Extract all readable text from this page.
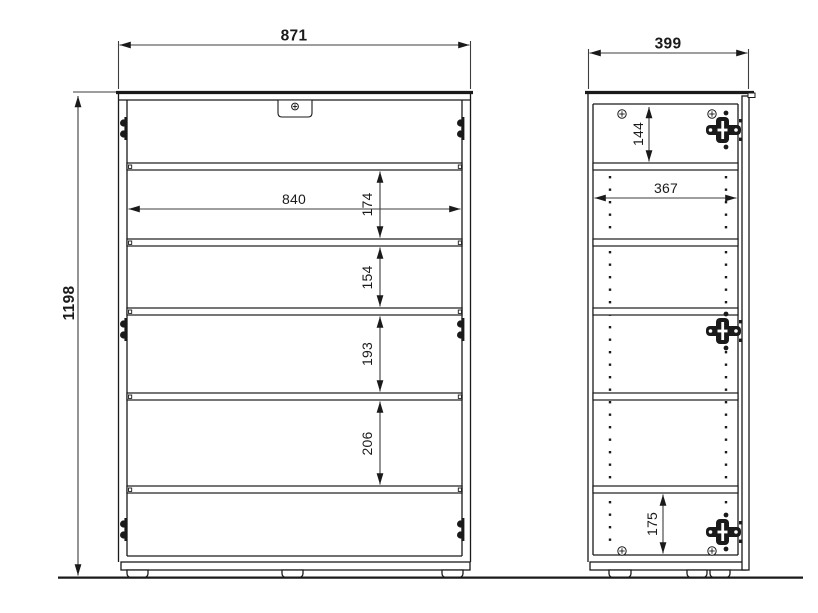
871
840
1198
174
154
193
206
399
144
367
175
